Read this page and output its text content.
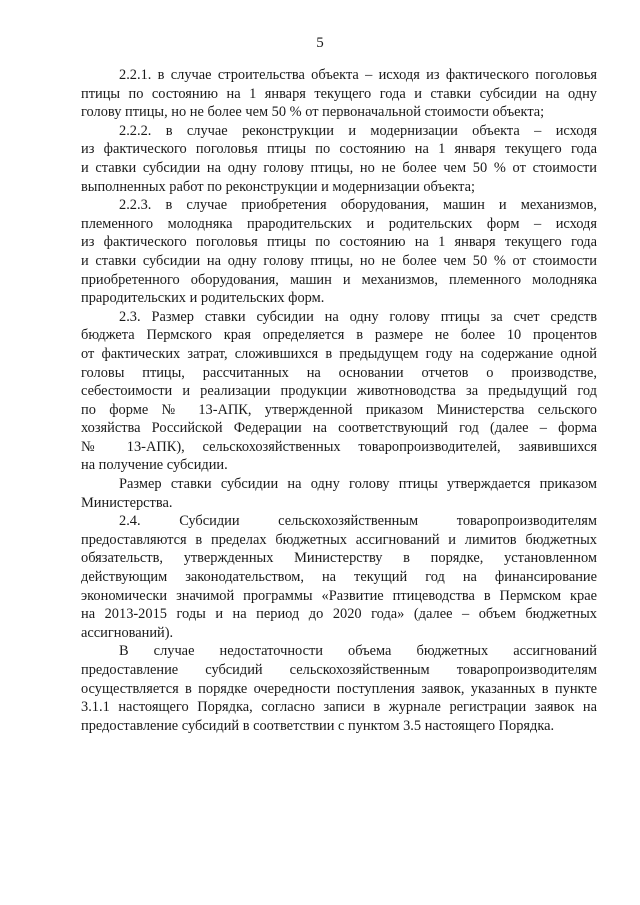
5
2.2.1. в случае строительства объекта – исходя из фактического поголовья
птицы по состоянию на 1 января текущего года и ставки субсидии на одну
голову птицы, но не более чем 50 % от первоначальной стоимости объекта;
2.2.2. в случае реконструкции и модернизации объекта – исходя
из фактического поголовья птицы по состоянию на 1 января текущего года
и ставки субсидии на одну голову птицы, но не более чем 50 % от стоимости
выполненных работ по реконструкции и модернизации объекта;
2.2.3. в случае приобретения оборудования, машин и механизмов,
племенного молодняка прародительских и родительских форм – исходя
из фактического поголовья птицы по состоянию на 1 января текущего года
и ставки субсидии на одну голову птицы, но не более чем 50 % от стоимости
приобретенного оборудования, машин и механизмов, племенного молодняка
прародительских и родительских форм.
2.3. Размер ставки субсидии на одну голову птицы за счет средств
бюджета Пермского края определяется в размере не более 10 процентов
от фактических затрат, сложившихся в предыдущем году на содержание одной
головы птицы, рассчитанных на основании отчетов о производстве,
себестоимости и реализации продукции животноводства за предыдущий год
по форме № 13-АПК, утвержденной приказом Министерства сельского
хозяйства Российской Федерации на соответствующий год (далее – форма
№ 13-АПК), сельскохозяйственных товаропроизводителей, заявившихся
на получение субсидии.
Размер ставки субсидии на одну голову птицы утверждается приказом
Министерства.
2.4. Субсидии сельскохозяйственным товаропроизводителям
предоставляются в пределах бюджетных ассигнований и лимитов бюджетных
обязательств, утвержденных Министерству в порядке, установленном
действующим законодательством, на текущий год на финансирование
экономически значимой программы «Развитие птицеводства в Пермском крае
на 2013-2015 годы и на период до 2020 года» (далее – объем бюджетных
ассигнований).
В случае недостаточности объема бюджетных ассигнований
предоставление субсидий сельскохозяйственным товаропроизводителям
осуществляется в порядке очередности поступления заявок, указанных в пункте
3.1.1 настоящего Порядка, согласно записи в журнале регистрации заявок на
предоставление субсидий в соответствии с пунктом 3.5 настоящего Порядка.
